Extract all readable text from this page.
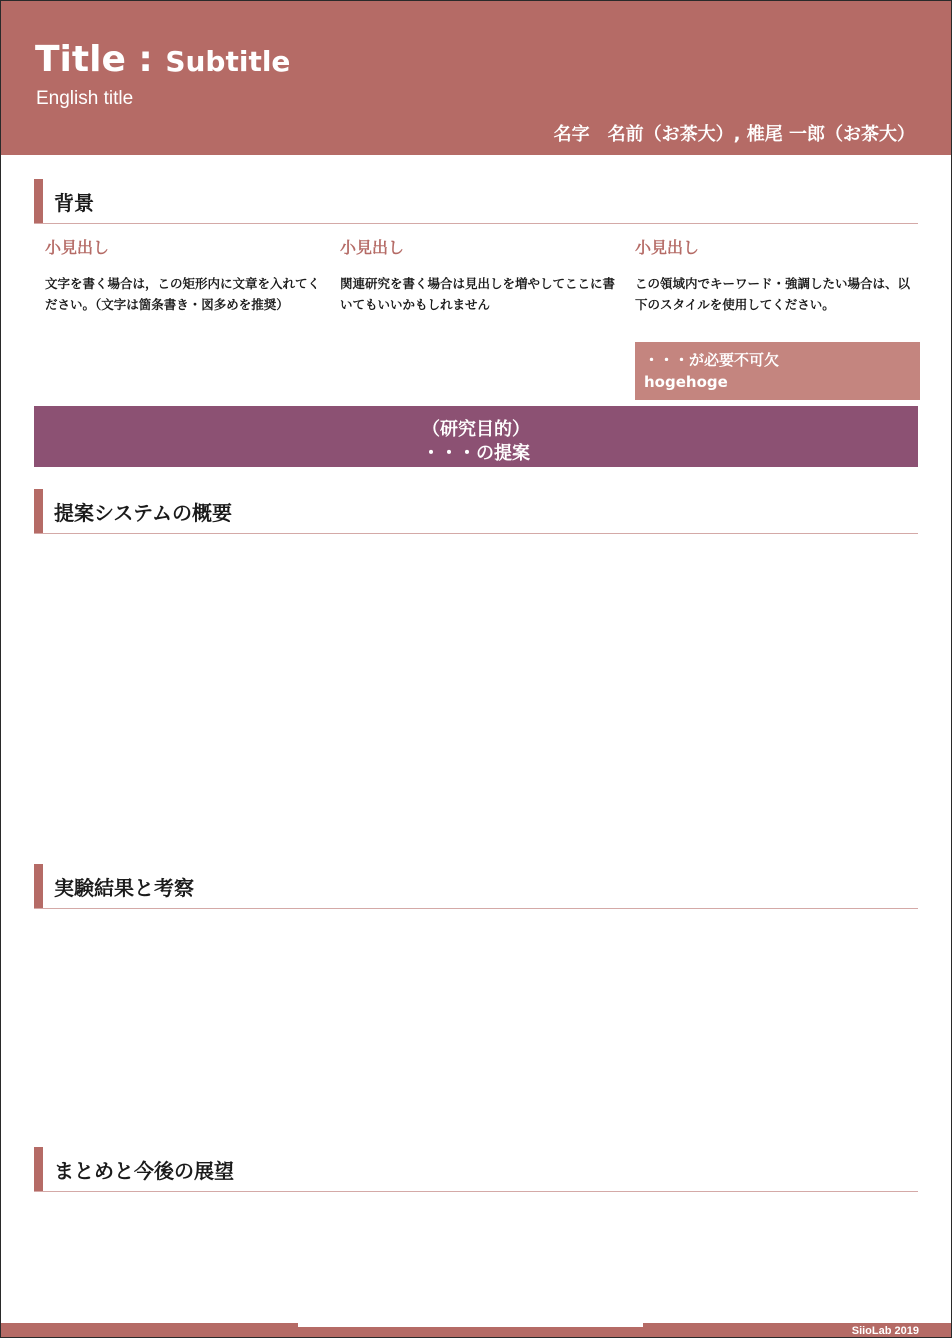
Title : Subtitle
English title
名字　名前（お茶大）, 椎尾 一郎（お茶大）
背景

小見出し

文字を書く場合は，この矩形内に文章を入れてください。（文字は箇条書き・図多めを推奨）

小見出し

関連研究を書く場合は見出しを増やしてここに書いてもいいかもしれません

小見出し

この領域内でキーワード・強調したい場合は、以下のスタイルを使用してください。

・・・が必要不可欠
hogehoge
（研究目的）
・・・の提案
提案システムの概要
実験結果と考察
まとめと今後の展望
SiioLab 2019
